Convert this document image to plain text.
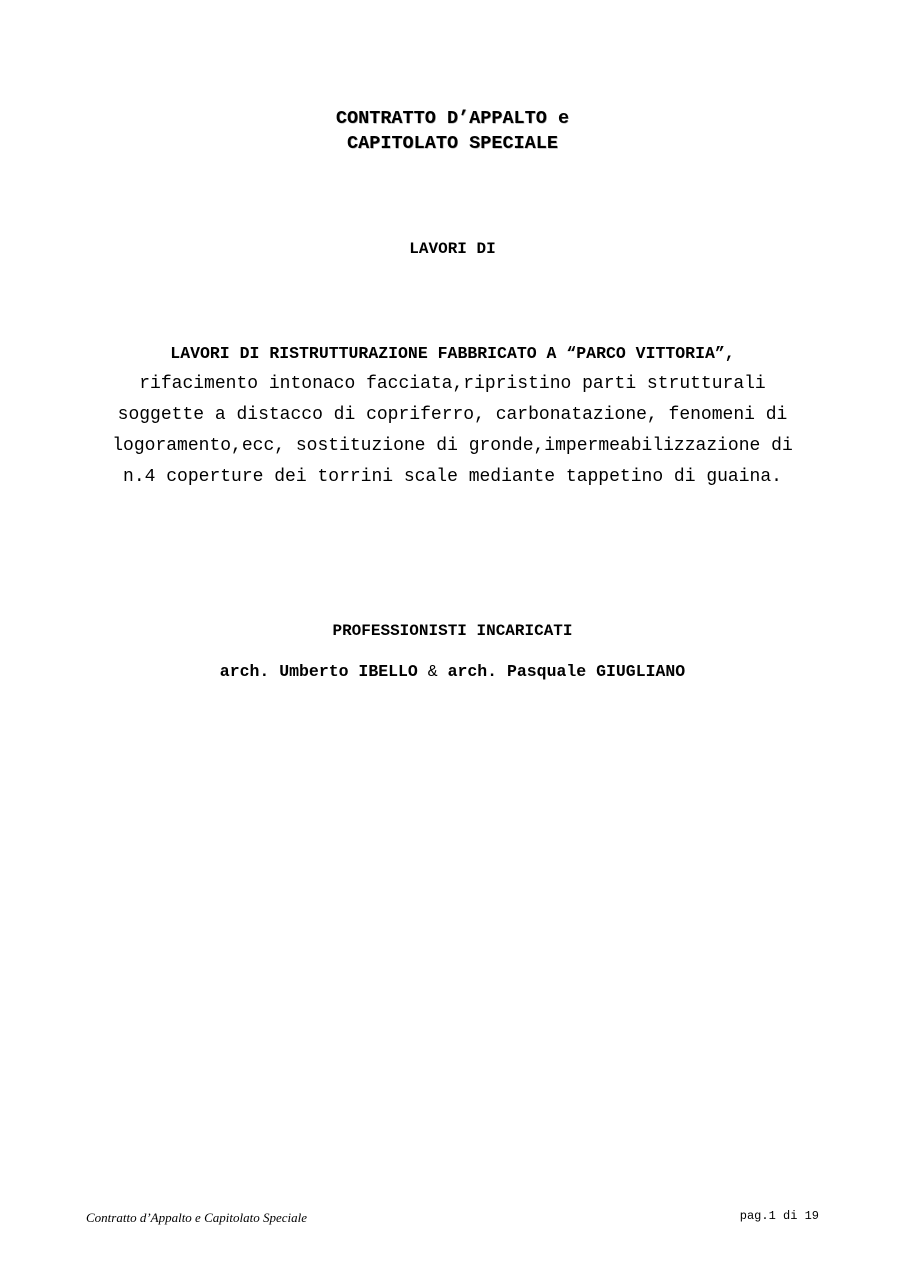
CONTRATTO D’APPALTO e
CAPITOLATO SPECIALE
LAVORI DI
LAVORI DI RISTRUTTURAZIONE FABBRICATO A “PARCO VITTORIA”,
rifacimento intonaco facciata,ripristino parti strutturali
soggette a distacco di copriferro, carbonatazione, fenomeni di
logoramento,ecc, sostituzione di gronde,impermeabilizzazione di
n.4 coperture dei torrini scale mediante tappetino di guaina.
PROFESSIONISTI INCARICATI
arch. Umberto IBELLO & arch. Pasquale GIUGLIANO
Contratto d’Appalto e Capitolato Speciale	pag.1 di 19
